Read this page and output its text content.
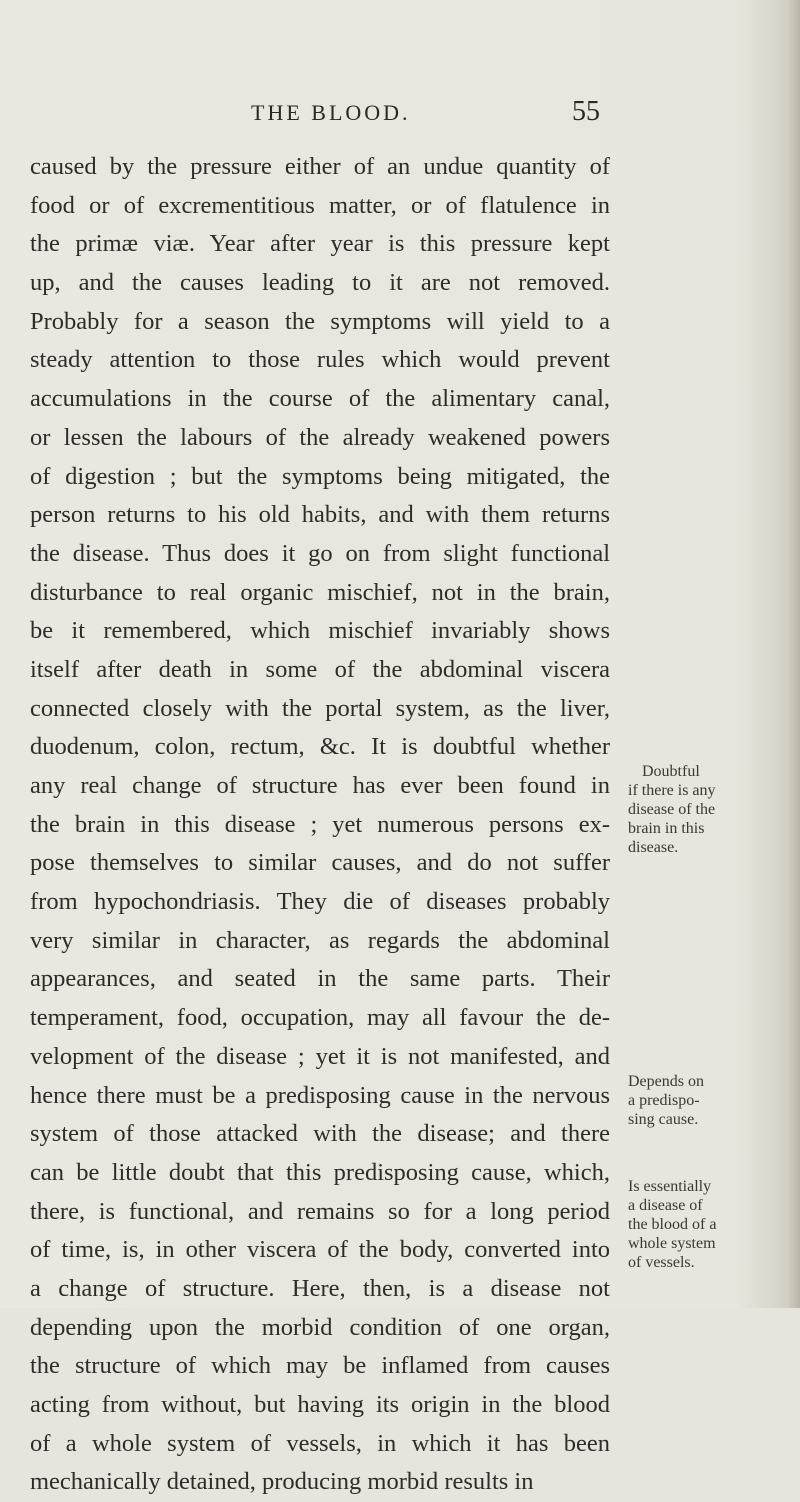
THE BLOOD.	55

caused by the pressure either of an undue quantity of
food or of excrementitious matter, or of flatulence in
the primæ viæ. Year after year is this pressure kept
up, and the causes leading to it are not removed.
Probably for a season the symptoms will yield to a
steady attention to those rules which would prevent
accumulations in the course of the alimentary canal,
or lessen the labours of the already weakened powers
of digestion ; but the symptoms being mitigated, the
person returns to his old habits, and with them returns
the disease. Thus does it go on from slight functional
disturbance to real organic mischief, not in the brain,
be it remembered, which mischief invariably shows
itself after death in some of the abdominal viscera
connected closely with the portal system, as the liver,
duodenum, colon, rectum, &c. It is doubtful whether
any real change of structure has ever been found in
the brain in this disease ; yet numerous persons ex-
pose themselves to similar causes, and do not suffer
from hypochondriasis. They die of diseases probably
very similar in character, as regards the abdominal
appearances, and seated in the same parts. Their
temperament, food, occupation, may all favour the de-
velopment of the disease ; yet it is not manifested, and
hence there must be a predisposing cause in the nervous
system of those attacked with the disease; and there
can be little doubt that this predisposing cause, which,
there, is functional, and remains so for a long period
of time, is, in other viscera of the body, converted into
a change of structure. Here, then, is a disease not
depending upon the morbid condition of one organ,
the structure of which may be inflamed from causes
acting from without, but having its origin in the blood
of a whole system of vessels, in which it has been
mechanically detained, producing morbid results in

Doubtful
if there is any
disease of the
brain in this
disease.
Depends on
a predispo-
sing cause.
Is essentially
a disease of
the blood of a
whole system
of vessels.
